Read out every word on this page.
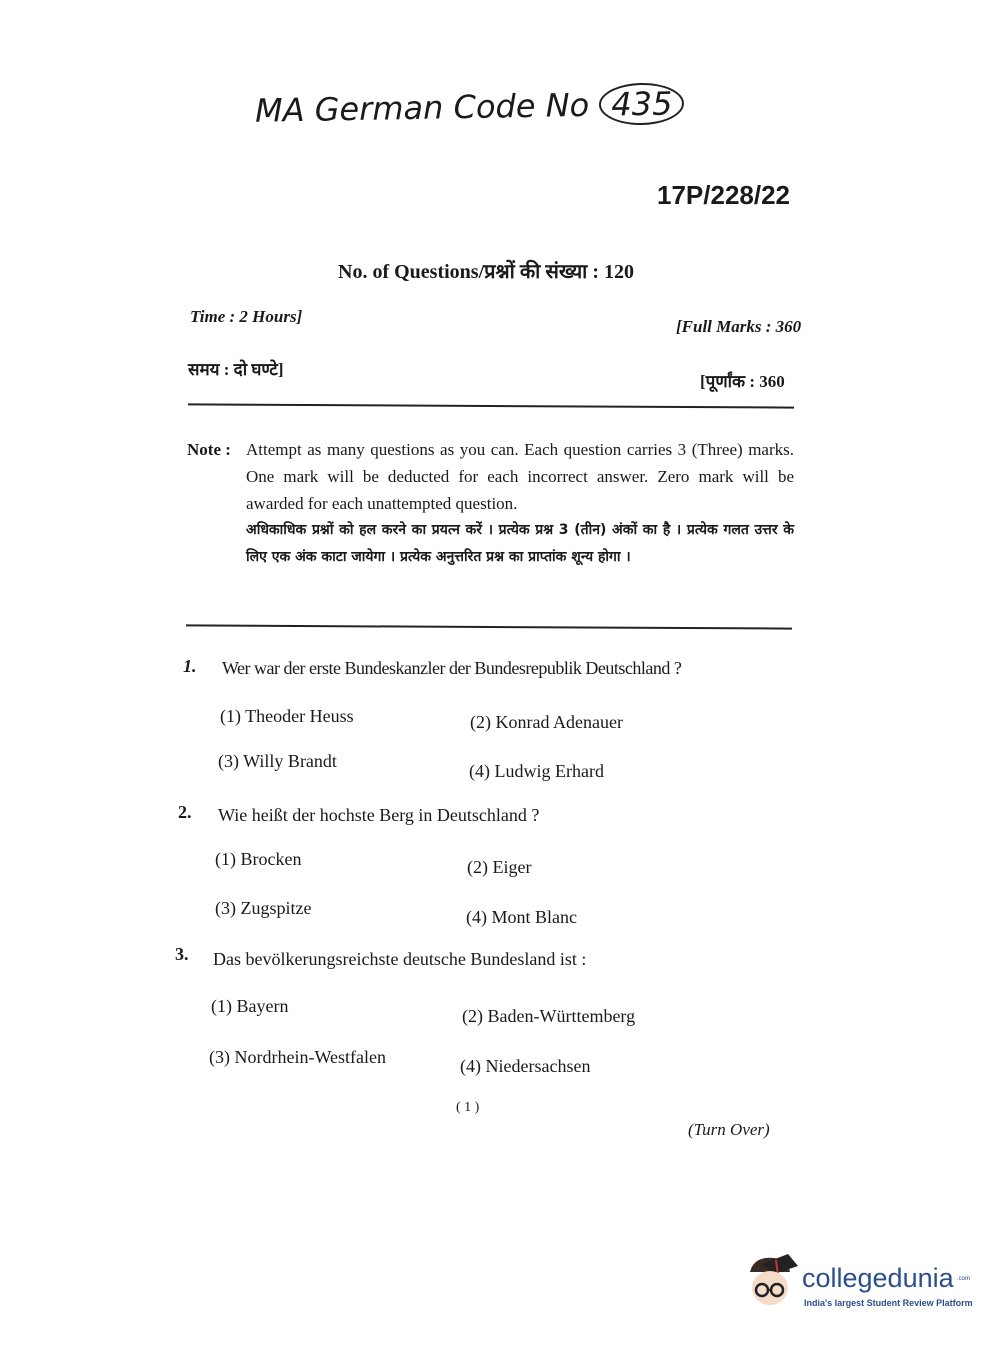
MA German Code No 435
17P/228/22
No. of Questions/प्रश्नों की संख्या : 120
Time : 2 Hours]
[Full Marks : 360
समय : दो घण्टे]
[पूर्णांक : 360
Note : Attempt as many questions as you can. Each question carries 3 (Three) marks. One mark will be deducted for each incorrect answer. Zero mark will be awarded for each unattempted question.
अधिकाधिक प्रश्नों को हल करने का प्रयत्न करें । प्रत्येक प्रश्न 3 (तीन) अंकों का है । प्रत्येक गलत उत्तर के लिए एक अंक काटा जायेगा । प्रत्येक अनुत्तरित प्रश्न का प्राप्तांक शून्य होगा ।
1. Wer war der erste Bundeskanzler der Bundesrepublik Deutschland ?
(1) Theoder Heuss	(2) Konrad Adenauer
(3) Willy Brandt	(4) Ludwig Erhard
2. Wie heißt der hochste Berg in Deutschland ?
(1) Brocken	(2) Eiger
(3) Zugspitze	(4) Mont Blanc
3. Das bevölkerungsreichste deutsche Bundesland ist :
(1) Bayern	(2) Baden-Württemberg
(3) Nordrhein-Westfalen	(4) Niedersachsen
( 1 )
(Turn Over)
collegedunia .com
India's largest Student Review Platform
